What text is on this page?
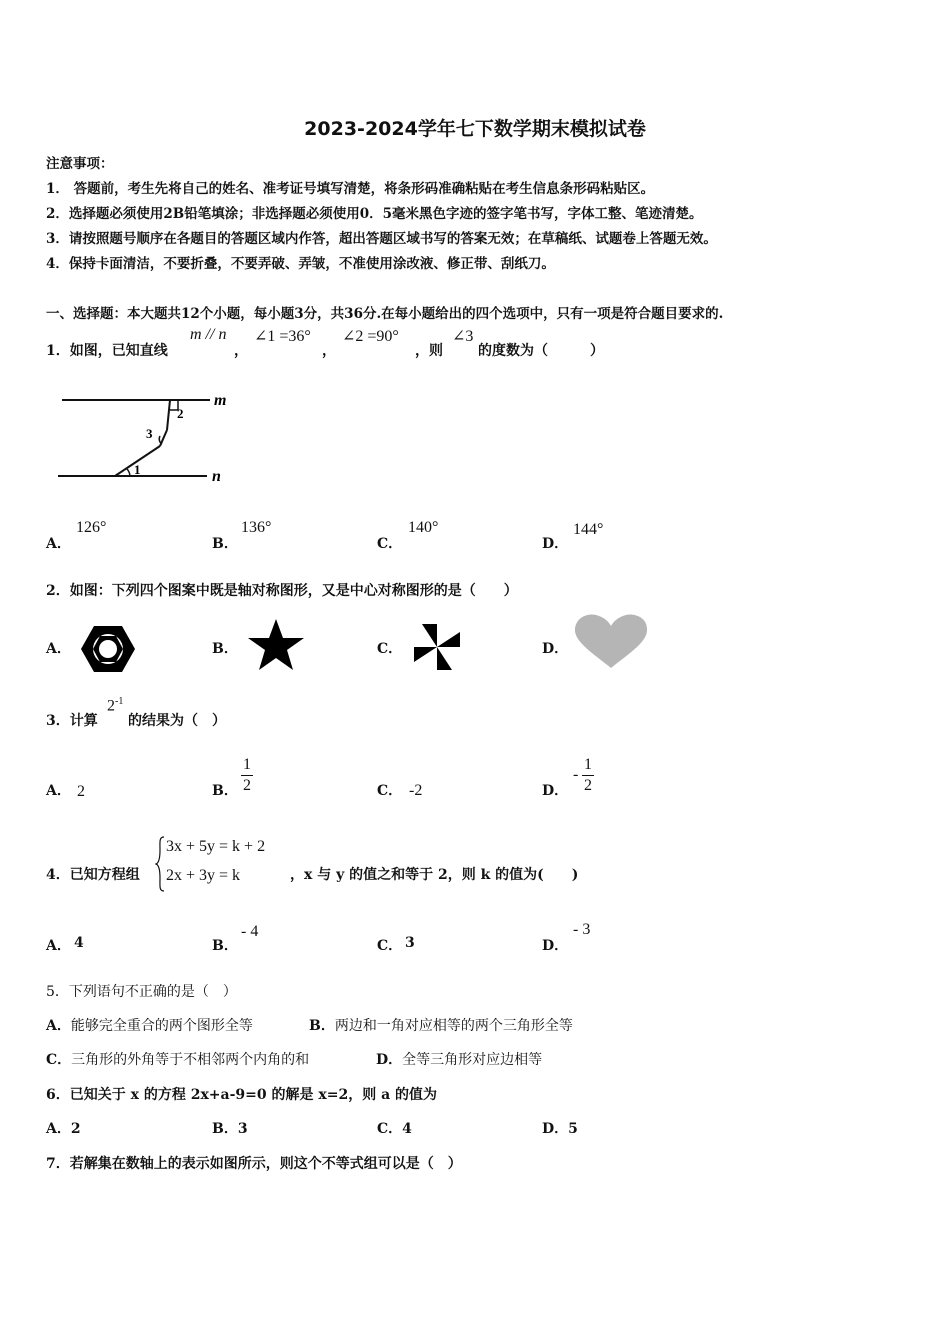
2023-2024学年七下数学期末模拟试卷
注意事项：
1． 答题前，考生先将自己的姓名、准考证号填写清楚，将条形码准确粘贴在考生信息条形码粘贴区。
2．选择题必须使用2B铅笔填涂；非选择题必须使用0．5毫米黑色字迹的签字笔书写，字体工整、笔迹清楚。
3．请按照题号顺序在各题目的答题区域内作答，超出答题区域书写的答案无效；在草稿纸、试题卷上答题无效。
4．保持卡面清洁，不要折叠，不要弄破、弄皱，不准使用涂改液、修正带、刮纸刀。
一、选择题：本大题共12个小题，每小题3分，共36分.在每小题给出的四个选项中，只有一项是符合题目要求的.
1．如图，已知直线
m // n
，
∠1 =36°
，
∠2 =90°
，则
∠3
的度数为（　　　）
m
n
2
3
1
A．
126°
B．
136°
C．
140°
D．
144°
2．如图：下列四个图案中既是轴对称图形，又是中心对称图形的是（　　）
A．	B．	C．	D．
3．计算
$2^{-1}$
的结果为（　）
A． 2	B．
1
2	C． -2	D．
-
1
2
4．已知方程组
3x + 5y = k + 2
2x + 3y = k	，x 与 y 的值之和等于 2，则 k 的值为(　　)
A． 4	B．
- 4
C． 3	D．
- 3
5．下列语句不正确的是（　）
A．能够完全重合的两个图形全等	B．两边和一角对应相等的两个三角形全等
C．三角形的外角等于不相邻两个内角的和	D．全等三角形对应边相等
6．已知关于 x 的方程 2x+a-9=0 的解是 x=2，则 a 的值为
A．2	B．3	C．4	D．5
7．若解集在数轴上的表示如图所示，则这个不等式组可以是（　）
